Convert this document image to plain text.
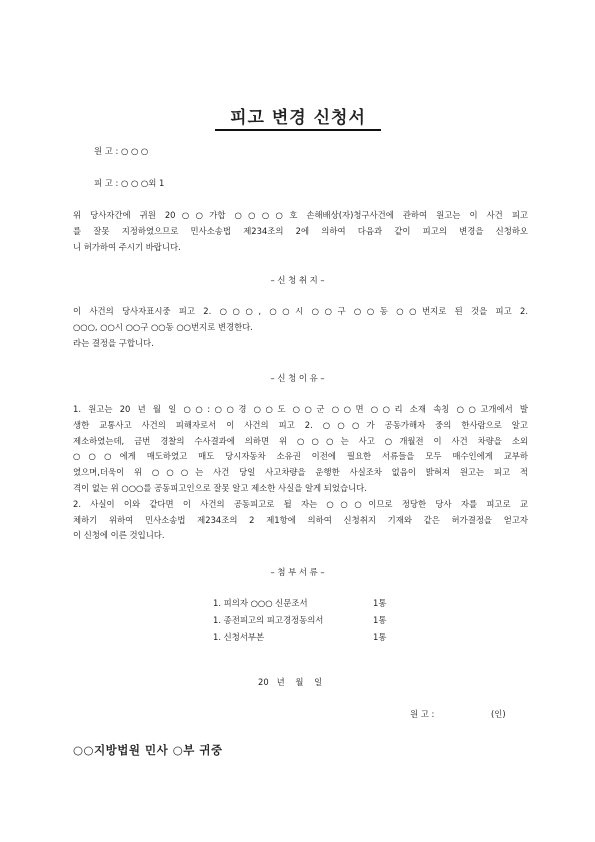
피고 변경 신청서
원 고 : ○ ○ ○
피 고 : ○ ○ ○외 1

위 당사자간에 귀원 20○○가합 ○○○○호 손해배상(자)청구사건에 관하여 원고는 이 사건 피고

를 잘못 지정하였으므로 민사소송법 제234조의 2에 의하여 다음과 같이 피고의 변경을 신청하오

니 허가하여 주시기 바랍니다.

– 신 청 취 지 –

이 사건의 당사자표시중 피고 2. ○○○, ○○시 ○○구 ○○동 ○○번지로 된 것을 피고 2.

○○○, ○○시 ○○구 ○○동 ○○번지로 변경한다.

라는 결정을 구합니다.

– 신 청 이 유 –

1. 원고는 20 년 월 일 ○○:○○경 ○○도 ○○군 ○○면 ○○리 소재 속칭 ○○고개에서 발

생한 교통사고 사건의 피해자로서 이 사건의 피고 2. ○○○가 공동가해자 중의 한사람으로 알고

제소하였는데, 금번 경찰의 수사결과에 의하면 위 ○○○는 사고 ○개월전 이 사건 차량을 소외

○○○에게 매도하였고 매도 당시자동차 소유권 이전에 필요한 서류들을 모두 매수인에게 교부하

였으며,더욱이 위 ○○○는 사건 당일 사고차량을 운행한 사실조차 없음이 밝혀져 원고는 피고 적

격이 없는 위 ○○○를 공동피고인으로 잘못 알고 제소한 사실을 알게 되었습니다.

2. 사실이 이와 같다면 이 사건의 공동피고로 될 자는 ○○○이므로 정당한 당사 자를 피고로 교

체하기 위하여 민사소송법 제234조의 2 제1항에 의하여 신청취지 기재와 같은 허가결정을 얻고자

이 신청에 이른 것입니다.

– 첨 부 서 류 –
1. 피의자 ○○○ 신문조서	1통
1. 종전피고의 피고경정동의서	1통
1. 신청서부본	1통
20   년    월    일
원 고 :	(인)
○○지방법원 민사 ○부 귀중
